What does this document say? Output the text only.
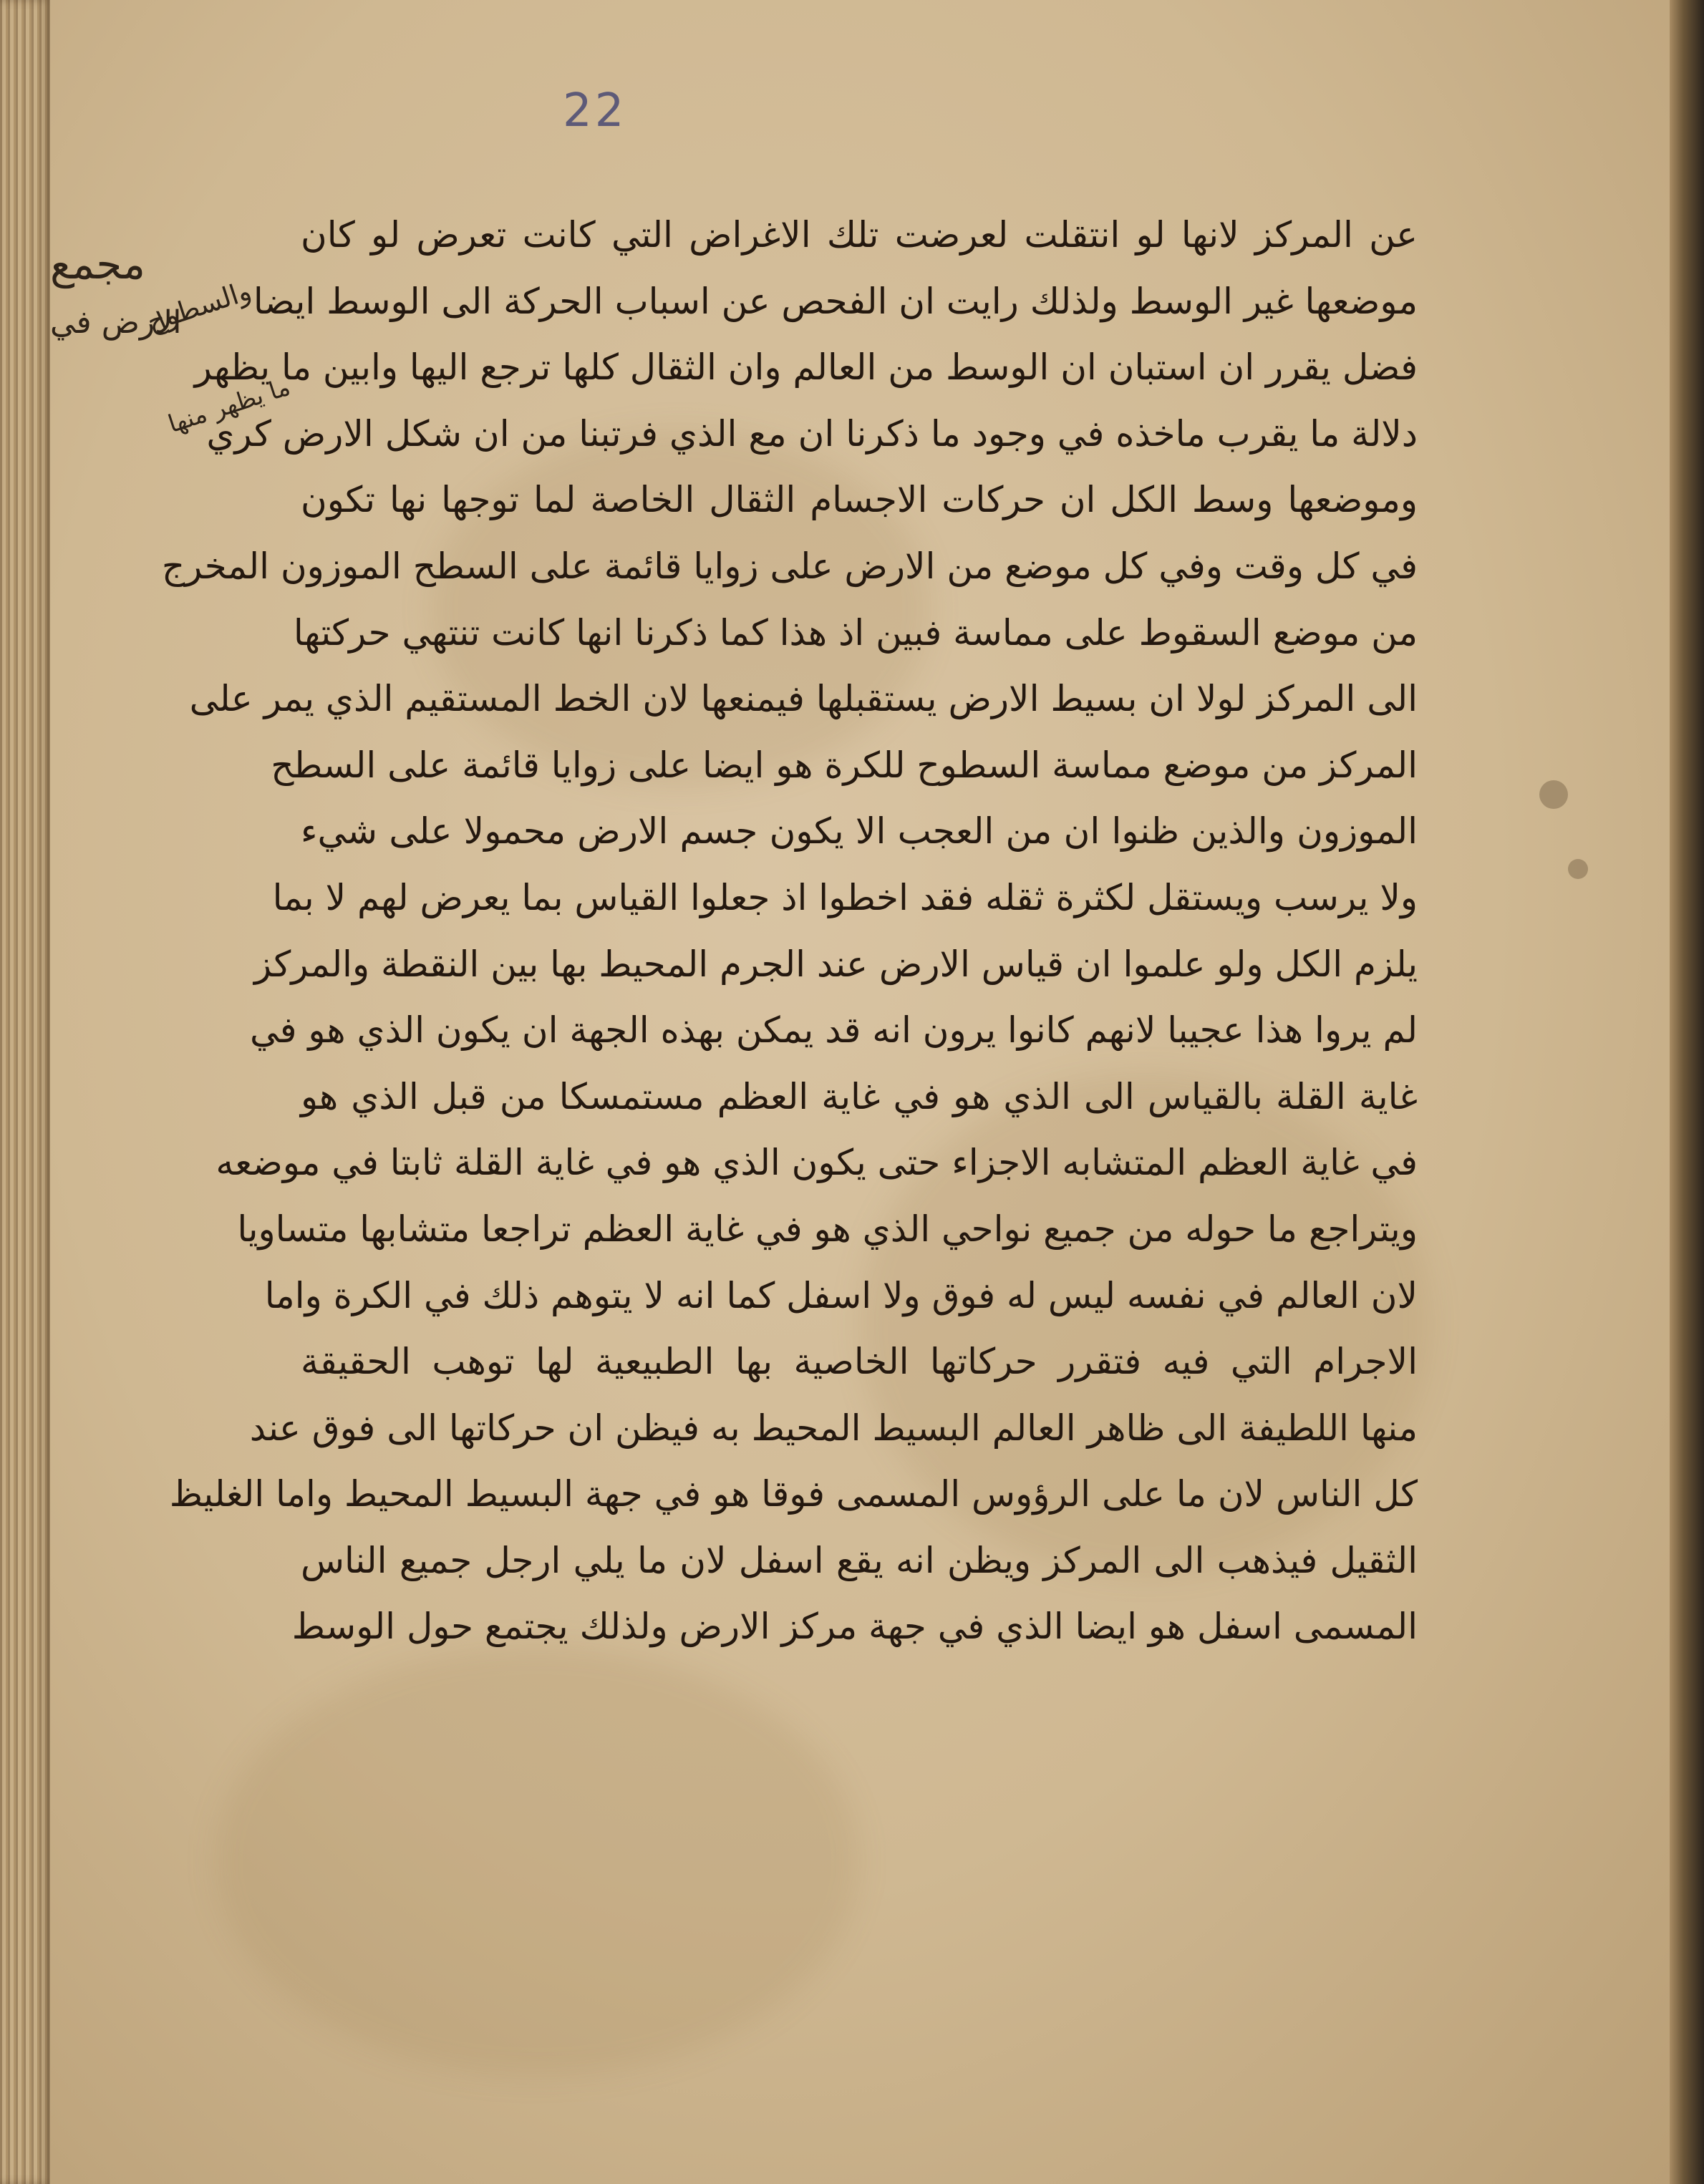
22
مجمع
الارض في
والسطوح
ما يظهر منها
عن المركز لانها لو انتقلت لعرضت تلك الاغراض التي كانت تعرض لو كان
موضعها غير الوسط ولذلك رايت ان الفحص عن اسباب الحركة الى الوسط ايضا
فضل يقرر ان استبان ان الوسط من العالم وان الثقال كلها ترجع اليها وابين ما يظهر
دلالة ما يقرب ماخذه في وجود ما ذكرنا ان مع الذي فرتبنا من ان شكل الارض كري
وموضعها وسط الكل ان حركات الاجسام الثقال الخاصة لما توجها نها تكون
في كل وقت وفي كل موضع من الارض على زوايا قائمة على السطح الموزون المخرج
من موضع السقوط على مماسة فبين اذ هذا كما ذكرنا انها كانت تنتهي حركتها
الى المركز لولا ان بسيط الارض يستقبلها فيمنعها لان الخط المستقيم الذي يمر على
المركز من موضع مماسة السطوح للكرة هو ايضا على زوايا قائمة على السطح
الموزون والذين ظنوا ان من العجب الا يكون جسم الارض محمولا على شيء
ولا يرسب ويستقل لكثرة ثقله فقد اخطوا اذ جعلوا القياس بما يعرض لهم لا بما
يلزم الكل ولو علموا ان قياس الارض عند الجرم المحيط بها بين النقطة والمركز
لم يروا هذا عجيبا لانهم كانوا يرون انه قد يمكن بهذه الجهة ان يكون الذي هو في
غاية القلة بالقياس الى الذي هو في غاية العظم مستمسكا من قبل الذي هو
في غاية العظم المتشابه الاجزاء حتى يكون الذي هو في غاية القلة ثابتا في موضعه
ويتراجع ما حوله من جميع نواحي الذي هو في غاية العظم تراجعا متشابها متساويا
لان العالم في نفسه ليس له فوق ولا اسفل كما انه لا يتوهم ذلك في الكرة واما
الاجرام التي فيه فتقرر حركاتها الخاصية بها الطبيعية لها توهب الحقيقة
منها اللطيفة الى ظاهر العالم البسيط المحيط به فيظن ان حركاتها الى فوق عند
كل الناس لان ما على الرؤوس المسمى فوقا هو في جهة البسيط المحيط واما الغليظ
الثقيل فيذهب الى المركز ويظن انه يقع اسفل لان ما يلي ارجل جميع الناس
المسمى اسفل هو ايضا الذي في جهة مركز الارض ولذلك يجتمع حول الوسط
